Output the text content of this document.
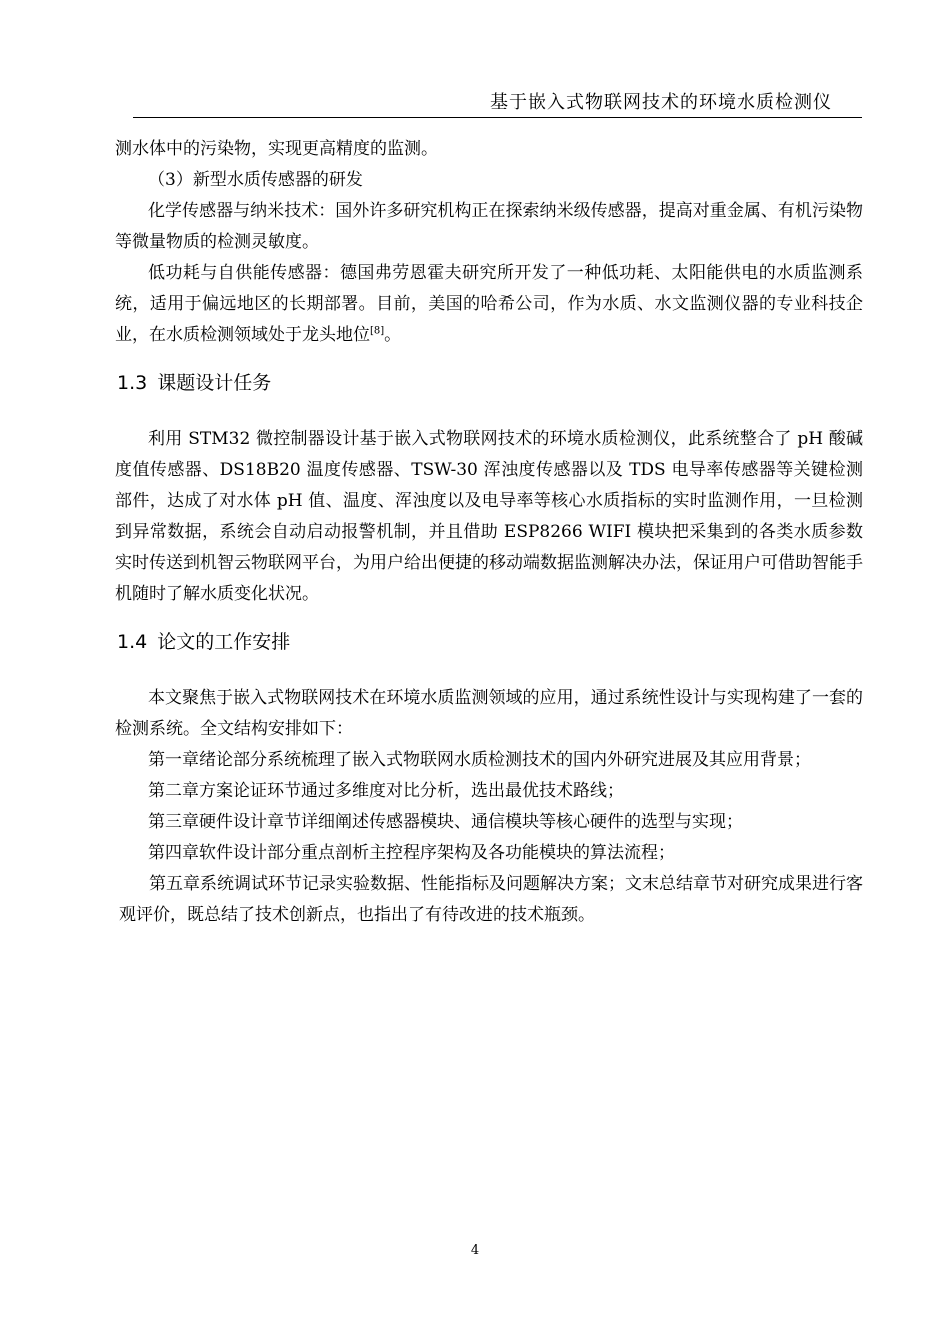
基于嵌入式物联网技术的环境水质检测仪

测水体中的污染物，实现更高精度的监测。

（3）新型水质传感器的研发

化学传感器与纳米技术：国外许多研究机构正在探索纳米级传感器，提高对重金属、有机污染物等微量物质的检测灵敏度。

低功耗与自供能传感器：德国弗劳恩霍夫研究所开发了一种低功耗、太阳能供电的水质监测系统，适用于偏远地区的长期部署。目前，美国的哈希公司，作为水质、水文监测仪器的专业科技企业，在水质检测领域处于龙头地位[8]。

1.3 课题设计任务

利用 STM32 微控制器设计基于嵌入式物联网技术的环境水质检测仪，此系统整合了 pH 酸碱度值传感器、DS18B20 温度传感器、TSW-30 浑浊度传感器以及 TDS 电导率传感器等关键检测部件，达成了对水体 pH 值、温度、浑浊度以及电导率等核心水质指标的实时监测作用，一旦检测到异常数据，系统会自动启动报警机制，并且借助 ESP8266 WIFI 模块把采集到的各类水质参数实时传送到机智云物联网平台，为用户给出便捷的移动端数据监测解决办法，保证用户可借助智能手机随时了解水质变化状况。

1.4 论文的工作安排

本文聚焦于嵌入式物联网技术在环境水质监测领域的应用，通过系统性设计与实现构建了一套的检测系统。全文结构安排如下：

第一章绪论部分系统梳理了嵌入式物联网水质检测技术的国内外研究进展及其应用背景；

第二章方案论证环节通过多维度对比分析，选出最优技术路线；

第三章硬件设计章节详细阐述传感器模块、通信模块等核心硬件的选型与实现；

第四章软件设计部分重点剖析主控程序架构及各功能模块的算法流程；

第五章系统调试环节记录实验数据、性能指标及问题解决方案；文末总结章节对研究成果进行客观评价，既总结了技术创新点，也指出了有待改进的技术瓶颈。

4
